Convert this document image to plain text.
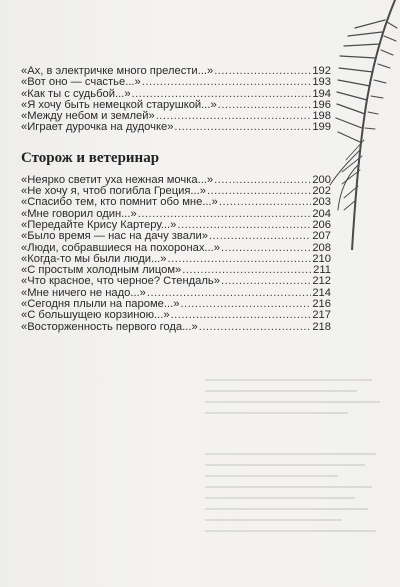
«Ах, в электричке много прелести...» .....	192
«Вот оно — счастье...» .....	193
«Как ты с судьбой...» .....	194
«Я хочу быть немецкой старушкой...» .....	196
«Между небом и землей» .....	198
«Играет дурочка на дудочке» .....	199
Сторож и ветеринар
«Неярко светит уха нежная мочка...» .....	200
«Не хочу я, чтоб погибла Греция...» .....	202
«Спасибо тем, кто помнит обо мне...» .....	203
«Мне говорил один...» .....	204
«Передайте Крису Картеру...» .....	206
«Было время — нас на дачу звали» .....	207
«Люди, собравшиеся на похоронах...» .....	208
«Когда-то мы были люди...» .....	210
«С простым холодным лицом» .....	211
«Что красное, что черное? Стендаль» .....	212
«Мне ничего не надо...» .....	214
«Сегодня плыли на пароме...» .....	216
«С большущею корзиною...» .....	217
«Восторженность первого года...» .....	218
